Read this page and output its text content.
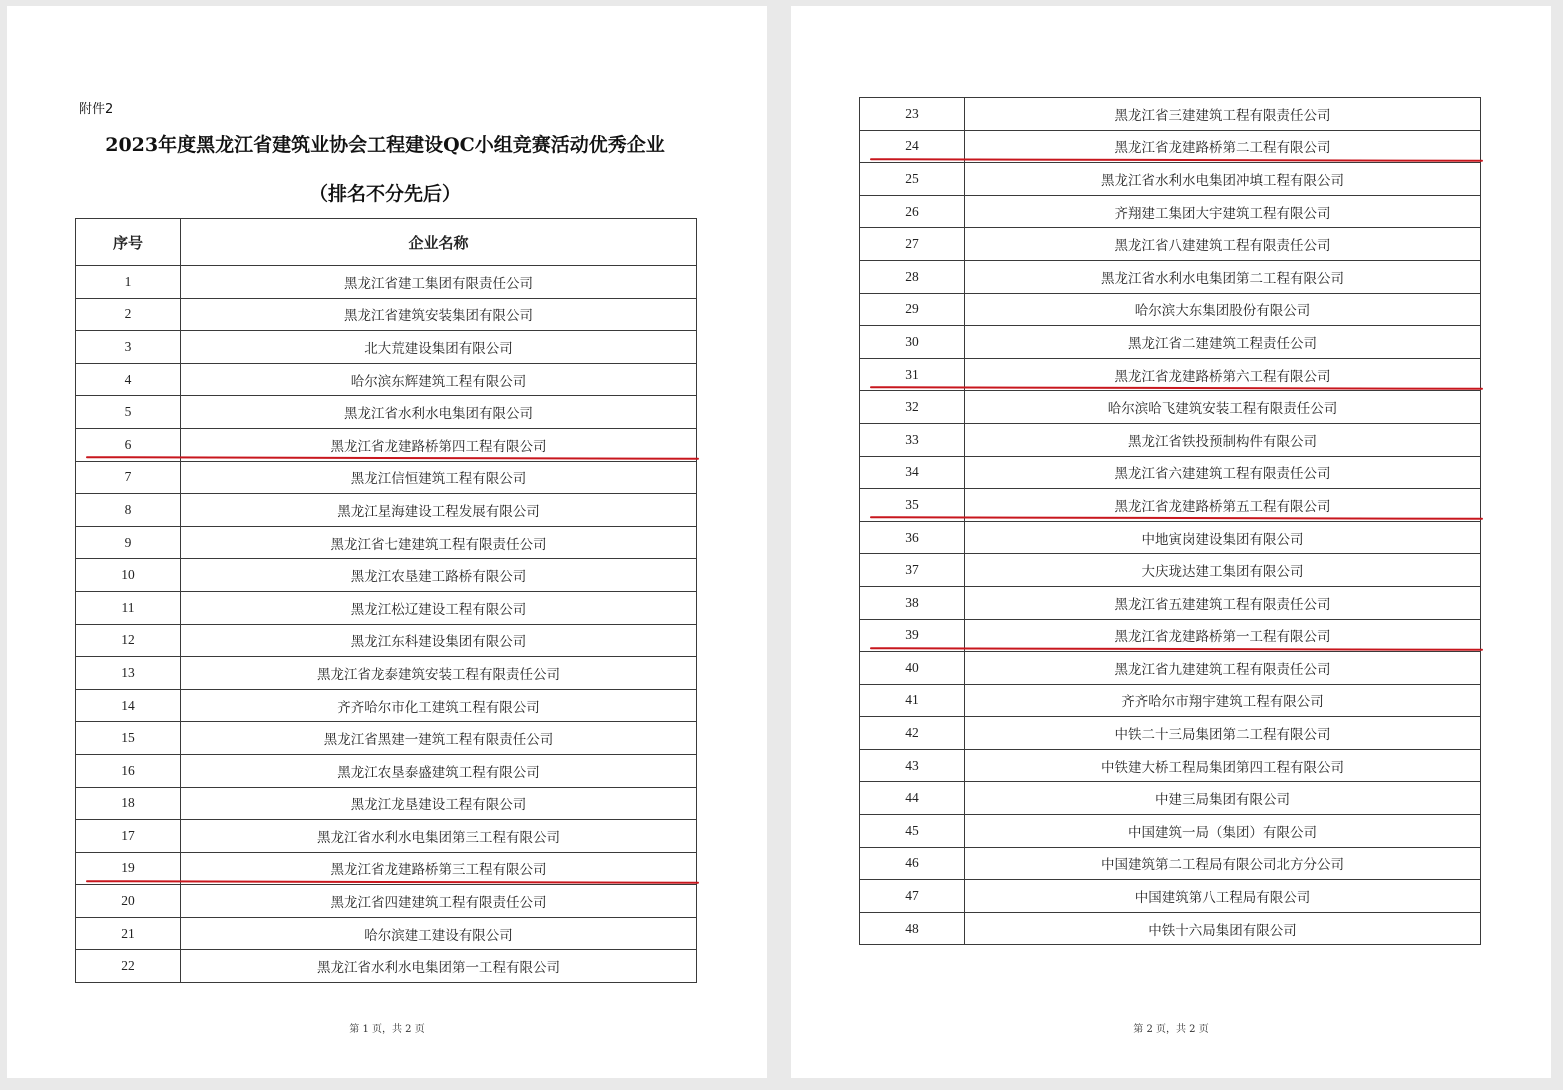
附件2
2023年度黑龙江省建筑业协会工程建设QC小组竞赛活动优秀企业
（排名不分先后）
序号	企业名称
1	黑龙江省建工集团有限责任公司
2	黑龙江省建筑安装集团有限公司
3	北大荒建设集团有限公司
4	哈尔滨东辉建筑工程有限公司
5	黑龙江省水利水电集团有限公司
6	黑龙江省龙建路桥第四工程有限公司
7	黑龙江信恒建筑工程有限公司
8	黑龙江星海建设工程发展有限公司
9	黑龙江省七建建筑工程有限责任公司
10	黑龙江农垦建工路桥有限公司
11	黑龙江松辽建设工程有限公司
12	黑龙江东科建设集团有限公司
13	黑龙江省龙泰建筑安装工程有限责任公司
14	齐齐哈尔市化工建筑工程有限公司
15	黑龙江省黑建一建筑工程有限责任公司
16	黑龙江农垦泰盛建筑工程有限公司
18	黑龙江龙垦建设工程有限公司
17	黑龙江省水利水电集团第三工程有限公司
19	黑龙江省龙建路桥第三工程有限公司
20	黑龙江省四建建筑工程有限责任公司
21	哈尔滨建工建设有限公司
22	黑龙江省水利水电集团第一工程有限公司
第 1 页，共 2 页
23	黑龙江省三建建筑工程有限责任公司
24	黑龙江省龙建路桥第二工程有限公司
25	黑龙江省水利水电集团冲填工程有限公司
26	齐翔建工集团大宇建筑工程有限公司
27	黑龙江省八建建筑工程有限责任公司
28	黑龙江省水利水电集团第二工程有限公司
29	哈尔滨大东集团股份有限公司
30	黑龙江省二建建筑工程责任公司
31	黑龙江省龙建路桥第六工程有限公司
32	哈尔滨哈飞建筑安装工程有限责任公司
33	黑龙江省铁投预制构件有限公司
34	黑龙江省六建建筑工程有限责任公司
35	黑龙江省龙建路桥第五工程有限公司
36	中地寅岗建设集团有限公司
37	大庆珑达建工集团有限公司
38	黑龙江省五建建筑工程有限责任公司
39	黑龙江省龙建路桥第一工程有限公司
40	黑龙江省九建建筑工程有限责任公司
41	齐齐哈尔市翔宇建筑工程有限公司
42	中铁二十三局集团第二工程有限公司
43	中铁建大桥工程局集团第四工程有限公司
44	中建三局集团有限公司
45	中国建筑一局（集团）有限公司
46	中国建筑第二工程局有限公司北方分公司
47	中国建筑第八工程局有限公司
48	中铁十六局集团有限公司
第 2 页，共 2 页
